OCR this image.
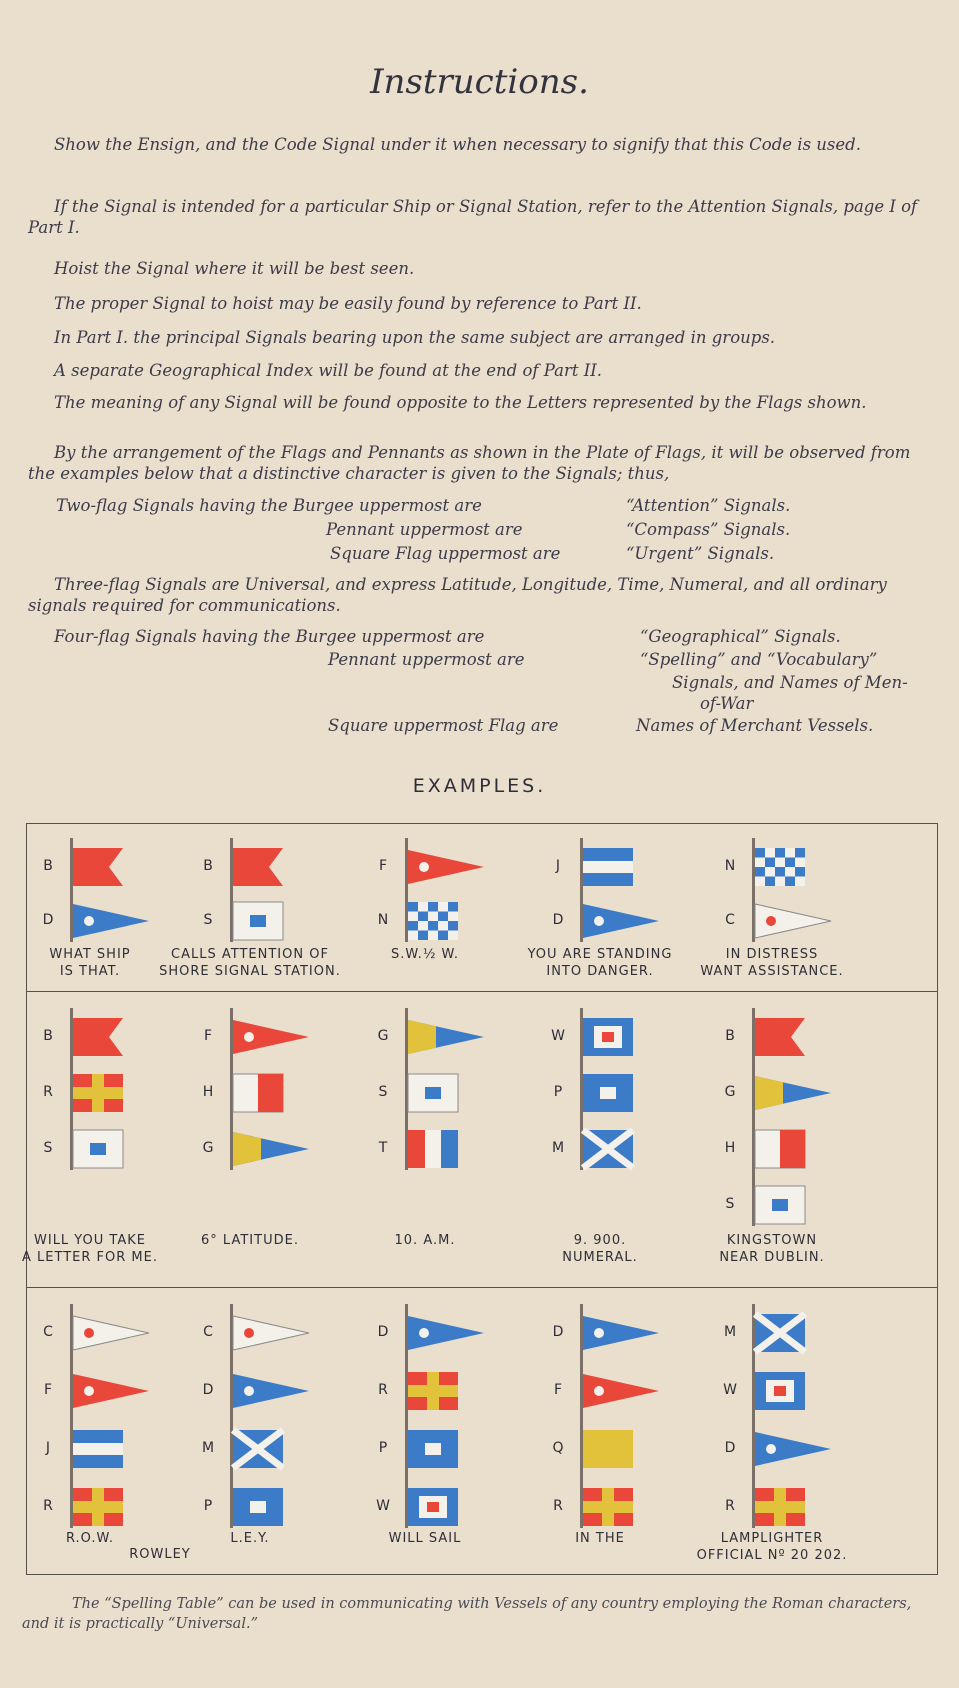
Instructions.
Show the Ensign, and the Code Signal under it when necessary to signify that this Code is used.
If the Signal is intended for a particular Ship or Signal Station, refer to the Attention Signals, page I of Part I.
Hoist the Signal where it will be best seen.
The proper Signal to hoist may be easily found by reference to Part II.
In Part I. the principal Signals bearing upon the same subject are arranged in groups.
A separate Geographical Index will be found at the end of Part II.
The meaning of any Signal will be found opposite to the Letters represented by the Flags shown.
By the arrangement of the Flags and Pennants as shown in the Plate of Flags, it will be observed from the examples below that a distinctive character is given to the Signals; thus,
Two-flag Signals having the Burgee uppermost are	“Attention” Signals.
Pennant uppermost are	“Compass” Signals.
Square Flag uppermost are	“Urgent” Signals.
Three-flag Signals are Universal, and express Latitude, Longitude, Time, Numeral, and all ordinary signals required for communications.
Four-flag Signals having the Burgee uppermost are	“Geographical” Signals.
Pennant uppermost are	“Spelling” and “Vocabulary”
Signals, and Names of Men-
of-War
Square uppermost Flag are	Names of Merchant Vessels.
EXAMPLES.
B
D
WHAT SHIP
IS THAT.
B
S
CALLS ATTENTION OF
SHORE SIGNAL STATION.
F
N
S.W.½ W.

J
D
YOU ARE STANDING
INTO DANGER.
N
C
IN DISTRESS
WANT ASSISTANCE.
B
R
S
WILL YOU TAKE
A LETTER FOR ME.
F
H
G
6° LATITUDE.

G
S
T
10. A.M.

W
P
M
9. 900.
NUMERAL.
B
G
H
S
KINGSTOWN
NEAR DUBLIN.
C
F
J
R
R.O.W.

C
D
M
P
L.E.Y.

D
R
P
W
WILL SAIL

D
F
Q
R
IN THE

M
W
D
R
LAMPLIGHTER
OFFICIAL Nº 20 202.
ROWLEY
The “Spelling Table” can be used in communicating with Vessels of any country employing the Roman characters, and it is practically “Universal.”
